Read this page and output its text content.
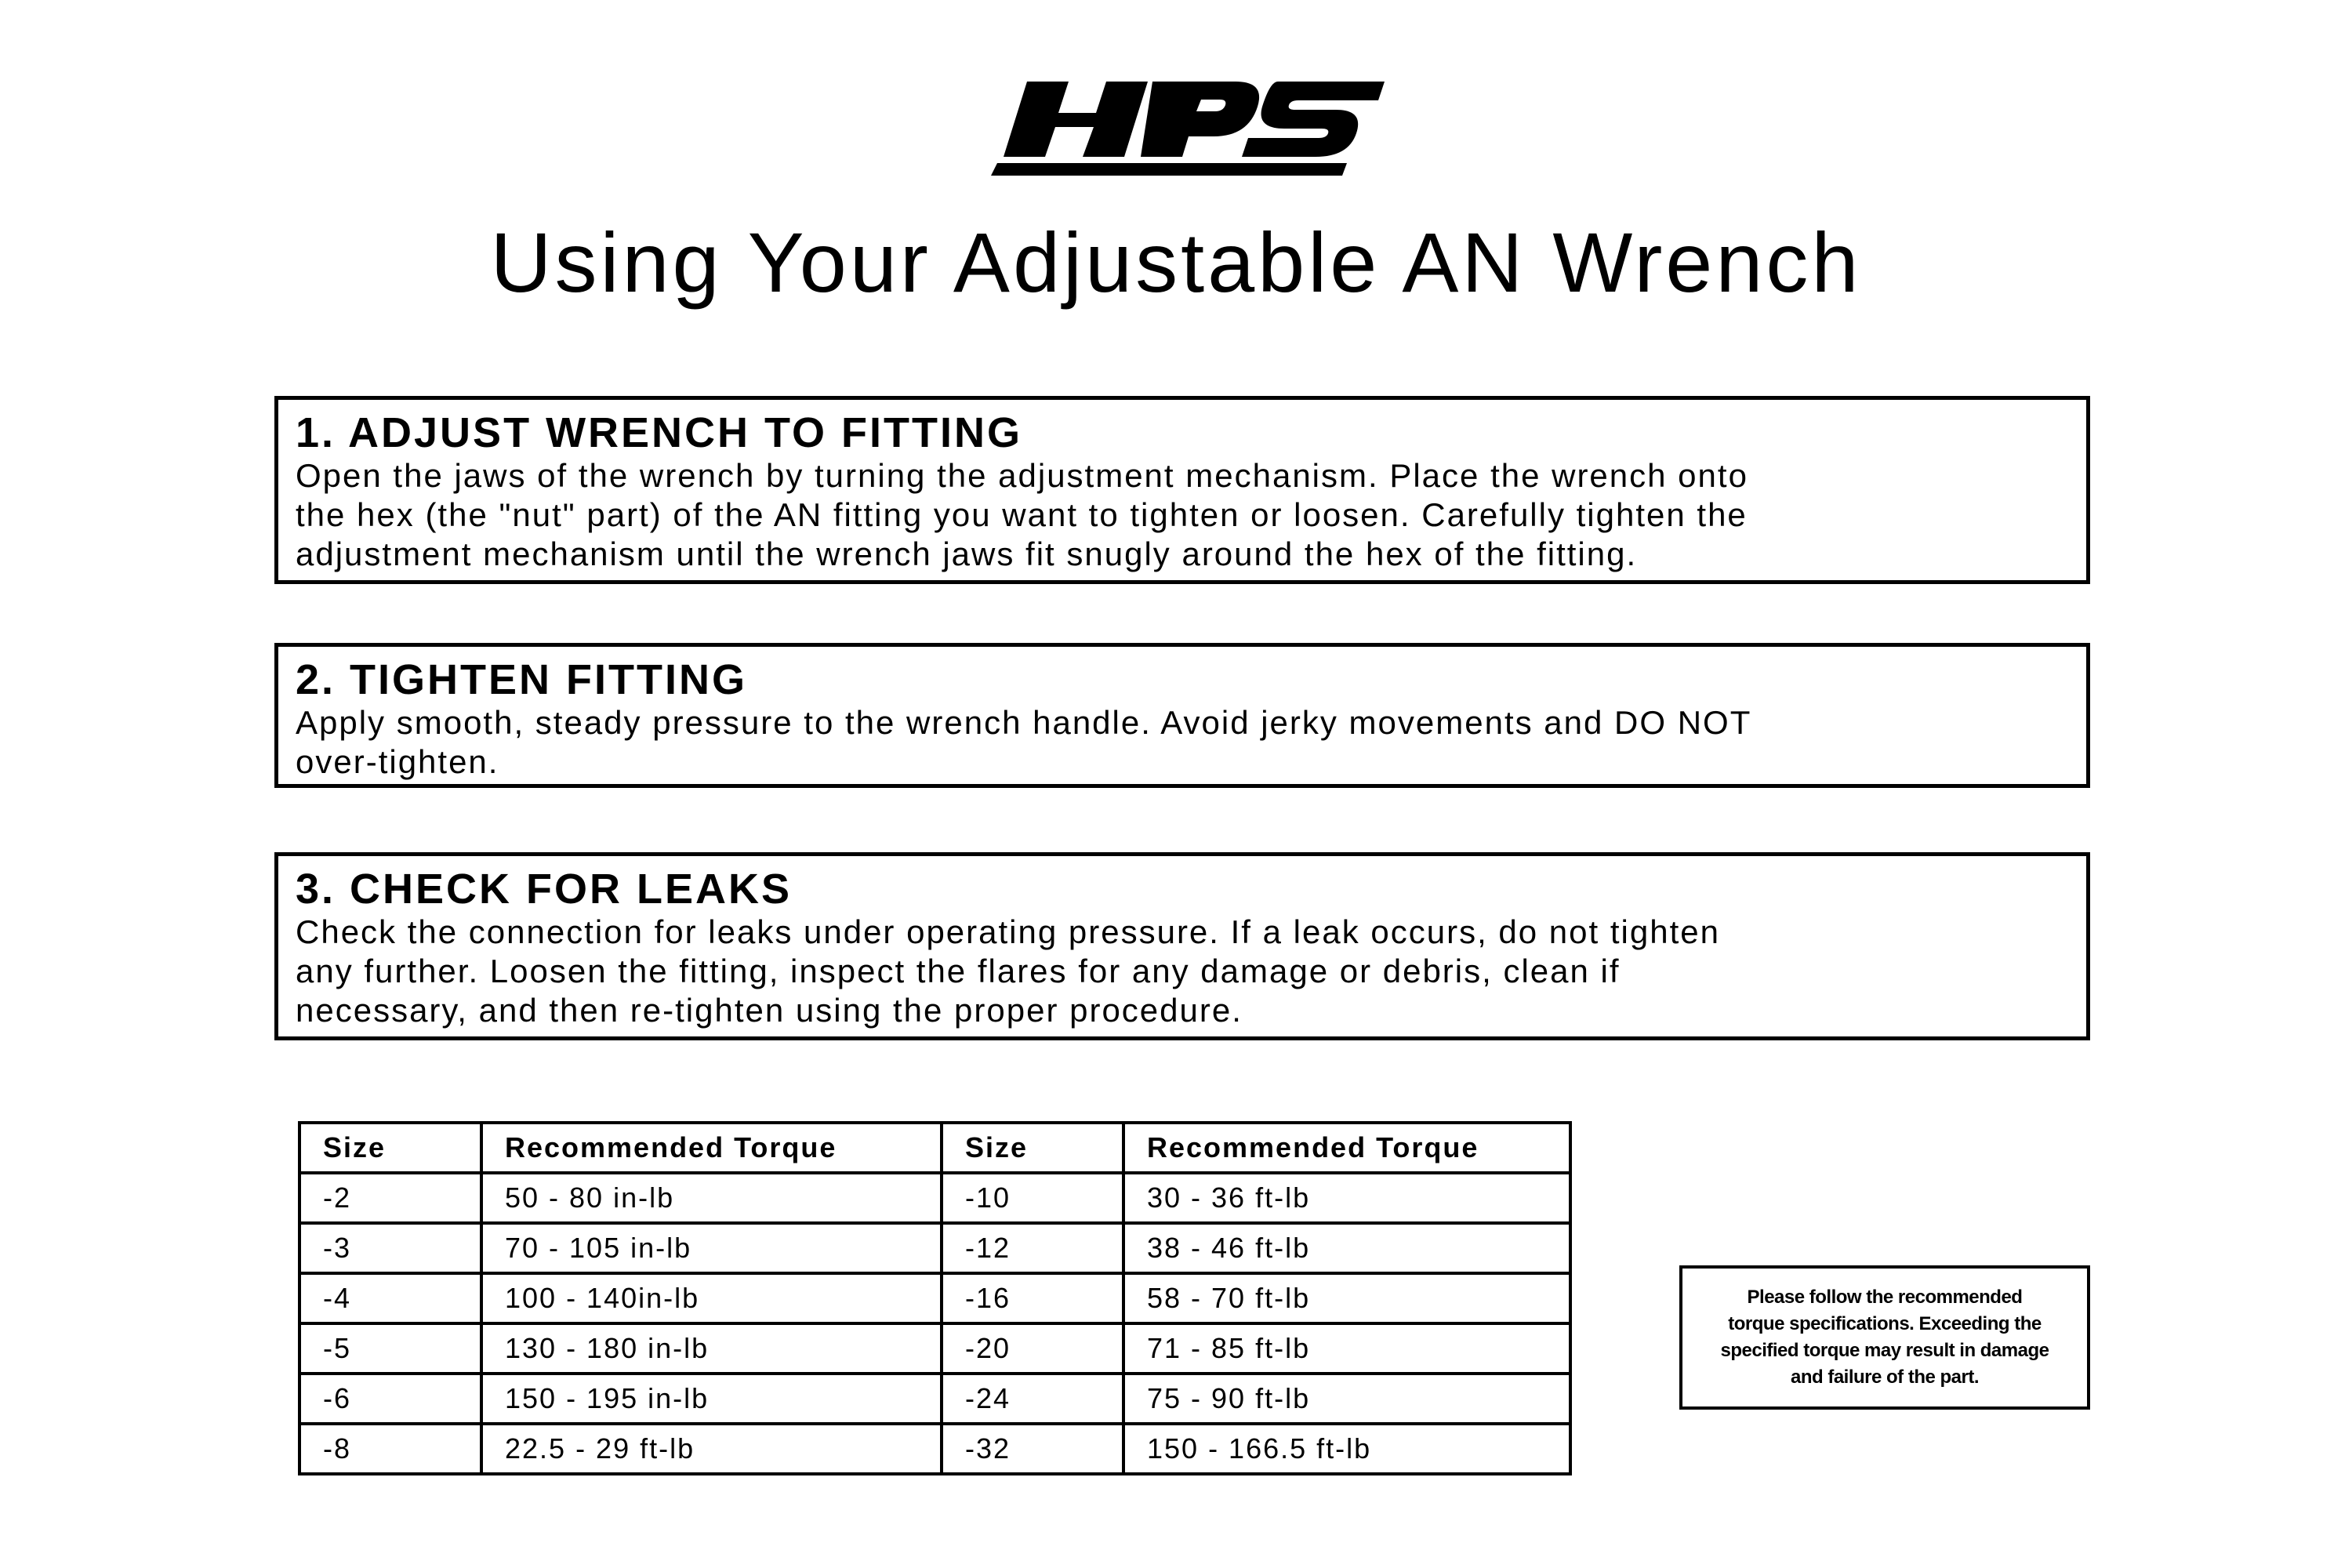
Using Your Adjustable AN Wrench

1. ADJUST WRENCH TO FITTING

Open the jaws of the wrench by turning the adjustment mechanism. Place the wrench onto

the hex (the "nut" part) of the AN fitting you want to tighten or loosen. Carefully tighten the

adjustment mechanism until the wrench jaws fit snugly around the hex of the fitting.

2. TIGHTEN FITTING

Apply smooth, steady pressure to the wrench handle. Avoid jerky movements and DO NOT

over-tighten.

3. CHECK FOR LEAKS

Check the connection for leaks under operating pressure. If a leak occurs, do not tighten

any further. Loosen the fitting, inspect the flares for any damage or debris, clean if

necessary, and then re-tighten using the proper procedure.

Size	Recommended Torque	Size	Recommended Torque
-2	50 - 80 in-lb	-10	30 - 36 ft-lb
-3	70 - 105 in-lb	-12	38 - 46 ft-lb
-4	100 - 140in-lb	-16	58 - 70 ft-lb
-5	130 - 180 in-lb	-20	71 - 85 ft-lb
-6	150 - 195 in-lb	-24	75 - 90 ft-lb
-8	22.5 - 29 ft-lb	-32	150 - 166.5 ft-lb

Please follow the recommended

torque specifications. Exceeding the

specified torque may result in damage

and failure of the part.
